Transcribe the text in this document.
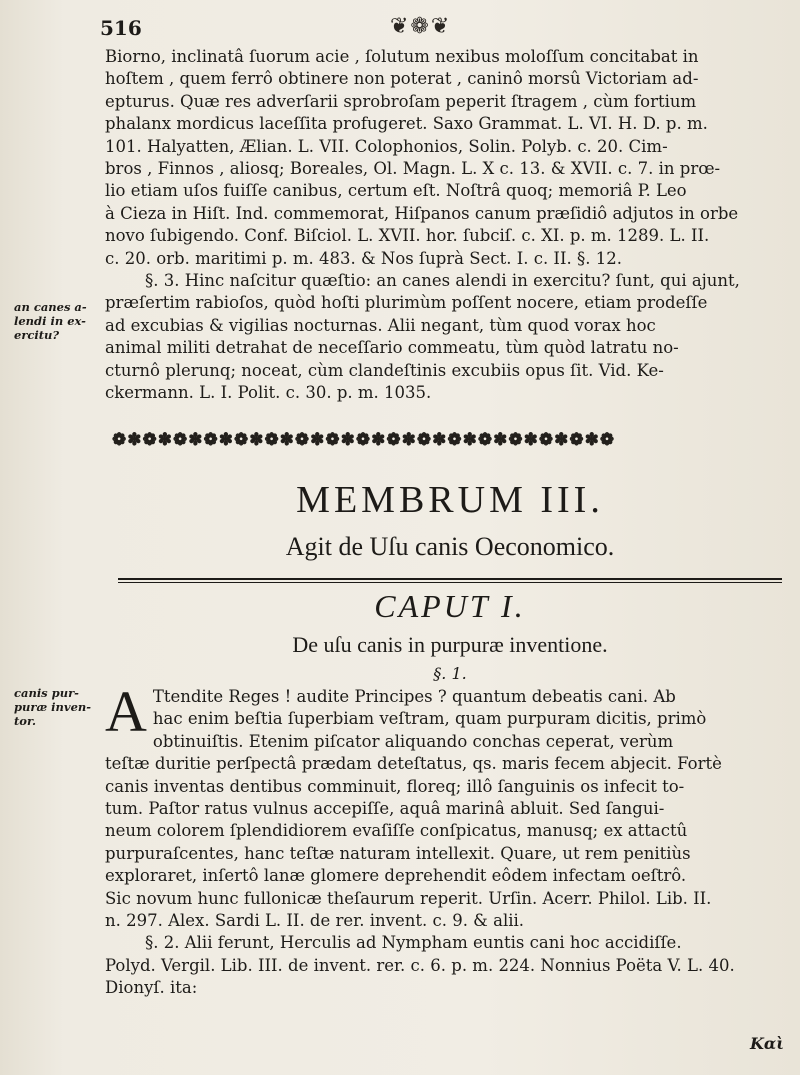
516	❦❁❦

Biorno, inclinatâ ſuorum acie , ſolutum nexibus moloſſum concitabat in

hoſtem , quem ferrô obtinere non poterat , caninô morsû Victoriam ad-

epturus. Quæ res adverſarii sprobroſam peperit ſtragem , cùm fortium

phalanx mordicus laceſſita profugeret. Saxo Grammat. L. VI. H. D. p. m.

101. Halyatten, Ælian. L. VII. Colophonios, Solin. Polyb. c. 20. Cim-

bros , Finnos , aliosq; Boreales, Ol. Magn. L. X c. 13. & XVII. c. 7. in prœ-

lio etiam uſos fuiſſe canibus, certum eſt. Noſtrâ quoq; memoriâ P. Leo

à Cieza in Hiſt. Ind. commemorat, Hiſpanos canum præſidiô adjutos in orbe

novo ſubigendo. Conf. Biſciol. L. XVII. hor. ſubciſ. c. XI. p. m. 1289. L. II.

c. 20. orb. maritimi p. m. 483. & Nos ſuprà Sect. I. c. II. §. 12.

§. 3. Hinc naſcitur quæſtio: an canes alendi in exercitu? ſunt, qui ajunt,

præſertim rabioſos, quòd hoſti plurimùm poſſent nocere, etiam prodeſſe

ad excubias & vigilias nocturnas. Alii negant, tùm quod vorax hoc

animal militi detrahat de neceſſario commeatu, tùm quòd latratu no-

cturnô plerunq; noceat, cùm clandeſtinis excubiis opus ſit. Vid. Ke-

ckermann. L. I. Polit. c. 30. p. m. 1035.

an canes a-lendi in ex-ercitu?
❁✽❁✽❁✽❁✽❁✽❁✽❁✽❁✽❁✽❁✽❁✽❁✽❁✽❁✽❁✽❁✽❁
MEMBRUM III.
Agit de Uſu canis Oeconomico.
CAPUT I.
De uſu canis in purpuræ inventione.
§. 1.
canis pur-puræ inven-tor.	A Ttendite Reges ! audite Principes ? quantum debeatis cani. Ab

hac enim beſtia ſuperbiam veſtram, quam purpuram dicitis, primò

obtinuiſtis. Etenim piſcator aliquando conchas ceperat, verùm

teſtæ duritie perſpectâ prædam deteſtatus, qs. maris fecem abjecit. Fortè

canis inventas dentibus comminuit, floreq; illô ſanguinis os infecit to-

tum. Paſtor ratus vulnus accepiſſe, aquâ marinâ abluit. Sed ſangui-

neum colorem ſplendidiorem evaſiſſe conſpicatus, manusq; ex attactû

purpuraſcentes, hanc teſtæ naturam intellexit. Quare, ut rem penitiùs

exploraret, inſertô lanæ glomere deprehendit eôdem infectam oeſtrô.

Sic novum hunc fullonicæ theſaurum reperit. Urſin. Acerr. Philol. Lib. II.

n. 297. Alex. Sardi L. II. de rer. invent. c. 9. & alii.

§. 2. Alii ferunt, Herculis ad Nympham euntis cani hoc accidiſſe.

Polyd. Vergil. Lib. III. de invent. rer. c. 6. p. m. 224. Nonnius Poëta V. L. 40.

Dionyſ. ita:

Καὶ
